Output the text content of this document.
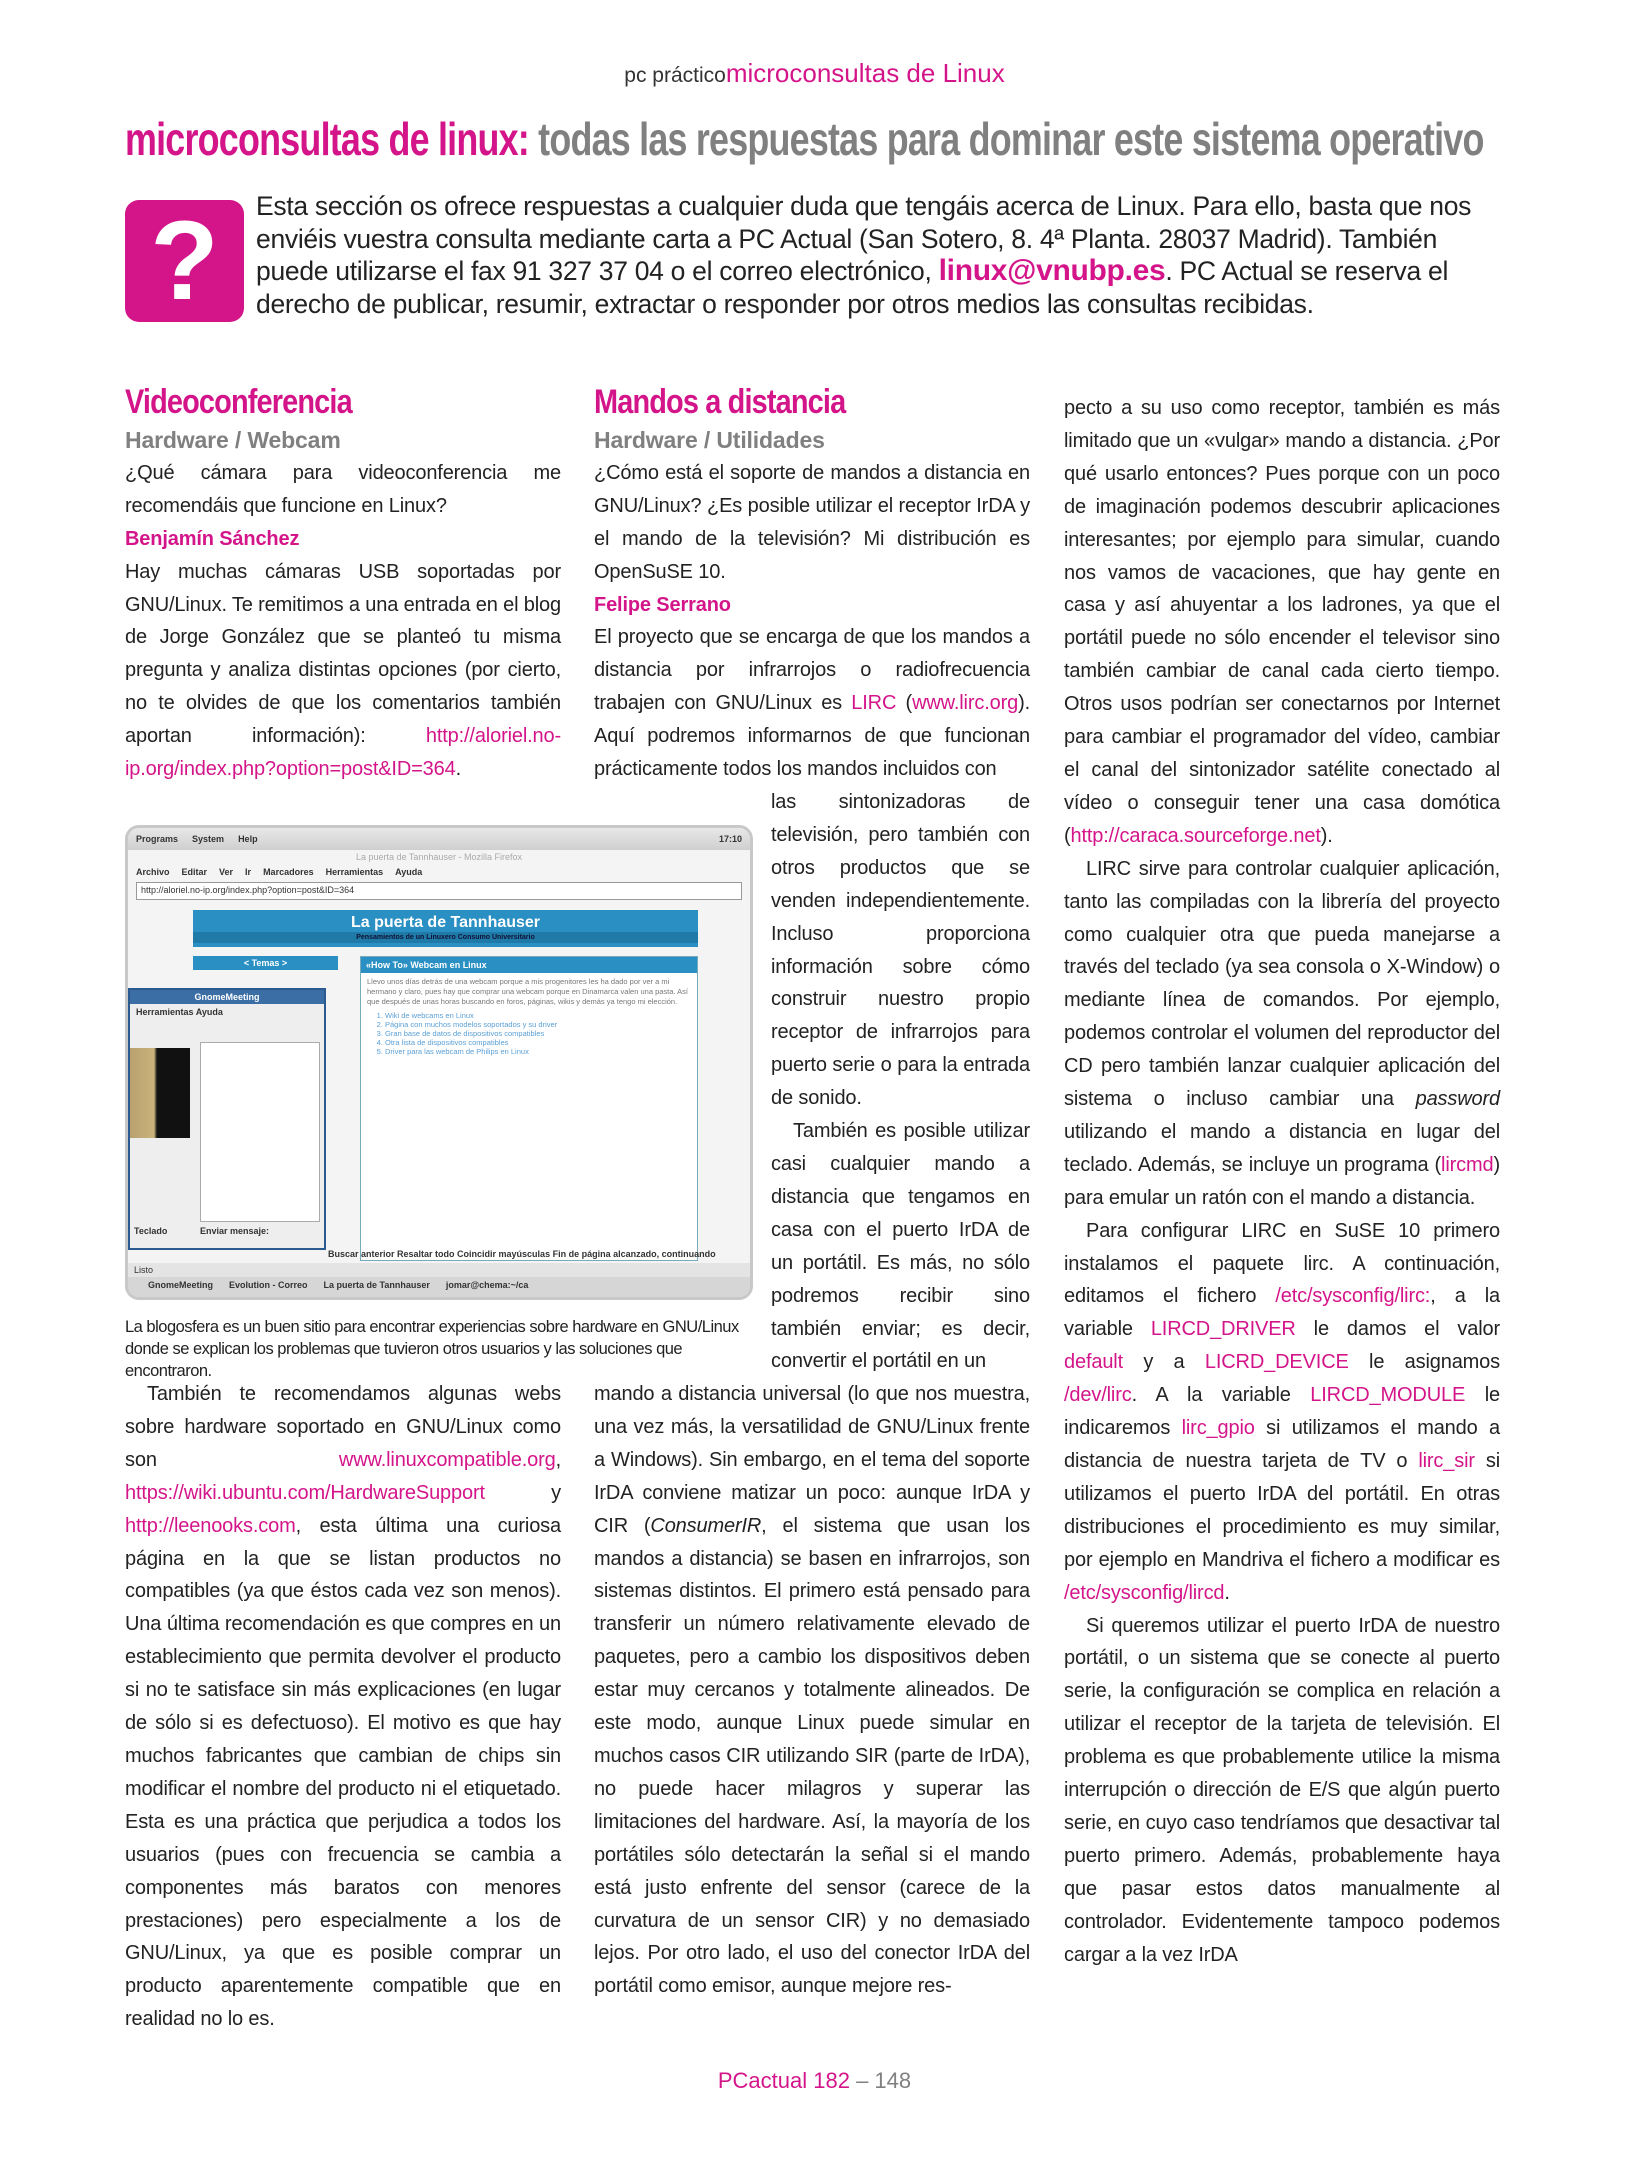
pc prácticomicroconsultas de Linux
microconsultas de linux: todas las respuestas para dominar este sistema operativo
?	Esta sección os ofrece respuestas a cualquier duda que tengáis acerca de Linux. Para ello, basta que nos enviéis vuestra consulta mediante carta a PC Actual (San Sotero, 8. 4ª Planta. 28037 Madrid). También puede utilizarse el fax 91 327 37 04 o el correo electrónico, linux@vnubp.es. PC Actual se reserva el derecho de publicar, resumir, extractar o responder por otros medios las consultas recibidas.

Videoconferencia

Hardware / Webcam

¿Qué cámara para videoconferencia me recomendáis que funcione en Linux?

Benjamín Sánchez

Hay muchas cámaras USB soportadas por GNU/Linux. Te remitimos a una entrada en el blog de Jorge González que se planteó tu misma pregunta y analiza distintas opciones (por cierto, no te olvides de que los comentarios también aportan información): http://aloriel.no-ip.org/index.php?option=post&ID=364.

También te recomendamos algunas webs sobre hardware soportado en GNU/Linux como son www.linuxcompatible.org, https://wiki.ubuntu.com/HardwareSupport y http://leenooks.com, esta última una curiosa página en la que se listan productos no compatibles (ya que éstos cada vez son menos). Una última recomendación es que compres en un establecimiento que permita devolver el producto si no te satisface sin más explicaciones (en lugar de sólo si es defectuoso). El motivo es que hay muchos fabricantes que cambian de chips sin modificar el nombre del producto ni el etiquetado. Esta es una práctica que perjudica a todos los usuarios (pues con frecuencia se cambia a componentes más baratos con menores prestaciones) pero especialmente a los de GNU/Linux, ya que es posible comprar un producto aparentemente compatible que en realidad no lo es.

Mandos a distancia

Hardware / Utilidades

¿Cómo está el soporte de mandos a distancia en GNU/Linux? ¿Es posible utilizar el receptor IrDA y el mando de la televisión? Mi distribución es OpenSuSE 10.

Felipe Serrano

El proyecto que se encarga de que los mandos a distancia por infrarrojos o radiofrecuencia trabajen con GNU/Linux es LIRC (www.lirc.org). Aquí podremos informarnos de que funcionan prácticamente todos los mandos incluidos con

las sintonizadoras de televisión, pero también con otros productos que se venden independientemente. Incluso proporciona información sobre cómo construir nuestro propio receptor de infrarrojos para puerto serie o para la entrada de sonido.

También es posible utilizar casi cualquier mando a distancia que tengamos en casa con el puerto IrDA de un portátil. Es más, no sólo podremos recibir sino también enviar; es decir, convertir el portátil en un

mando a distancia universal (lo que nos muestra, una vez más, la versatilidad de GNU/Linux frente a Windows). Sin embargo, en el tema del soporte IrDA conviene matizar un poco: aunque IrDA y CIR (ConsumerIR, el sistema que usan los mandos a distancia) se basen en infrarrojos, son sistemas distintos. El primero está pensado para transferir un número relativamente elevado de paquetes, pero a cambio los dispositivos deben estar muy cercanos y totalmente alineados. De este modo, aunque Linux puede simular en muchos casos CIR utilizando SIR (parte de IrDA), no puede hacer milagros y superar las limitaciones del hardware. Así, la mayoría de los portátiles sólo detectarán la señal si el mando está justo enfrente del sensor (carece de la curvatura de un sensor CIR) y no demasiado lejos. Por otro lado, el uso del conector IrDA del portátil como emisor, aunque mejore res-

pecto a su uso como receptor, también es más limitado que un «vulgar» mando a distancia. ¿Por qué usarlo entonces? Pues porque con un poco de imaginación podemos descubrir aplicaciones interesantes; por ejemplo para simular, cuando nos vamos de vacaciones, que hay gente en casa y así ahuyentar a los ladrones, ya que el portátil puede no sólo encender el televisor sino también cambiar de canal cada cierto tiempo. Otros usos podrían ser conectarnos por Internet para cambiar el programador del vídeo, cambiar el canal del sintonizador satélite conectado al vídeo o conseguir tener una casa domótica (http://caraca.sourceforge.net).

LIRC sirve para controlar cualquier aplicación, tanto las compiladas con la librería del proyecto como cualquier otra que pueda manejarse a través del teclado (ya sea consola o X-Window) o mediante línea de comandos. Por ejemplo, podemos controlar el volumen del reproductor del CD pero también lanzar cualquier aplicación del sistema o incluso cambiar una password utilizando el mando a distancia en lugar del teclado. Además, se incluye un programa (lircmd) para emular un ratón con el mando a distancia.

Para configurar LIRC en SuSE 10 primero instalamos el paquete lirc. A continuación, editamos el fichero /etc/sysconfig/lirc:, a la variable LIRCD_DRIVER le damos el valor default y a LICRD_DEVICE le asignamos /dev/lirc. A la variable LIRCD_MODULE le indicaremos lirc_gpio si utilizamos el mando a distancia de nuestra tarjeta de TV o lirc_sir si utilizamos el puerto IrDA del portátil. En otras distribuciones el procedimiento es muy similar, por ejemplo en Mandriva el fichero a modificar es /etc/sysconfig/lircd.

Si queremos utilizar el puerto IrDA de nuestro portátil, o un sistema que se conecte al puerto serie, la configuración se complica en relación a utilizar el receptor de la tarjeta de televisión. El problema es que probablemente utilice la misma interrupción o dirección de E/S que algún puerto serie, en cuyo caso tendríamos que desactivar tal puerto primero. Además, probablemente haya que pasar estos datos manualmente al controlador. Evidentemente tampoco podemos cargar a la vez IrDA

Programs System Help	17:10
La puerta de Tannhauser - Mozilla Firefox
Archivo Editar Ver Ir Marcadores Herramientas Ayuda
http://aloriel.no-ip.org/index.php?option=post&ID=364
La puerta de Tannhauser
Pensamientos de un Linuxero Consumo Universitario
< Temas >	«How To» Webcam en Linux

Llevo unos días detrás de una webcam porque a mis progenitores les ha dado por ver a mi hermano y claro, pues hay que comprar una webcam porque en Dinamarca valen una pasta. Así que después de unas horas buscando en foros, páginas, wikis y demás ya tengo mi elección.

1. Wiki de webcams en Linux
2. Página con muchos modelos soportados y su driver
3. Gran base de datos de dispositivos compatibles
4. Otra lista de dispositivos compatibles
5. Driver para las webcam de Philips en Linux
GnomeMeeting
Herramientas Ayuda
Enviar mensaje:
Teclado
Buscar anterior Resaltar todo Coincidir mayúsculas Fin de página alcanzado, continuando
Listo
GnomeMeeting Evolution - Correo La puerta de Tannhauser jomar@chema:~/ca

La blogosfera es un buen sitio para encontrar experiencias sobre hardware en GNU/Linux donde se explican los problemas que tuvieron otros usuarios y las soluciones que encontraron.

PCactual 182 – 148
